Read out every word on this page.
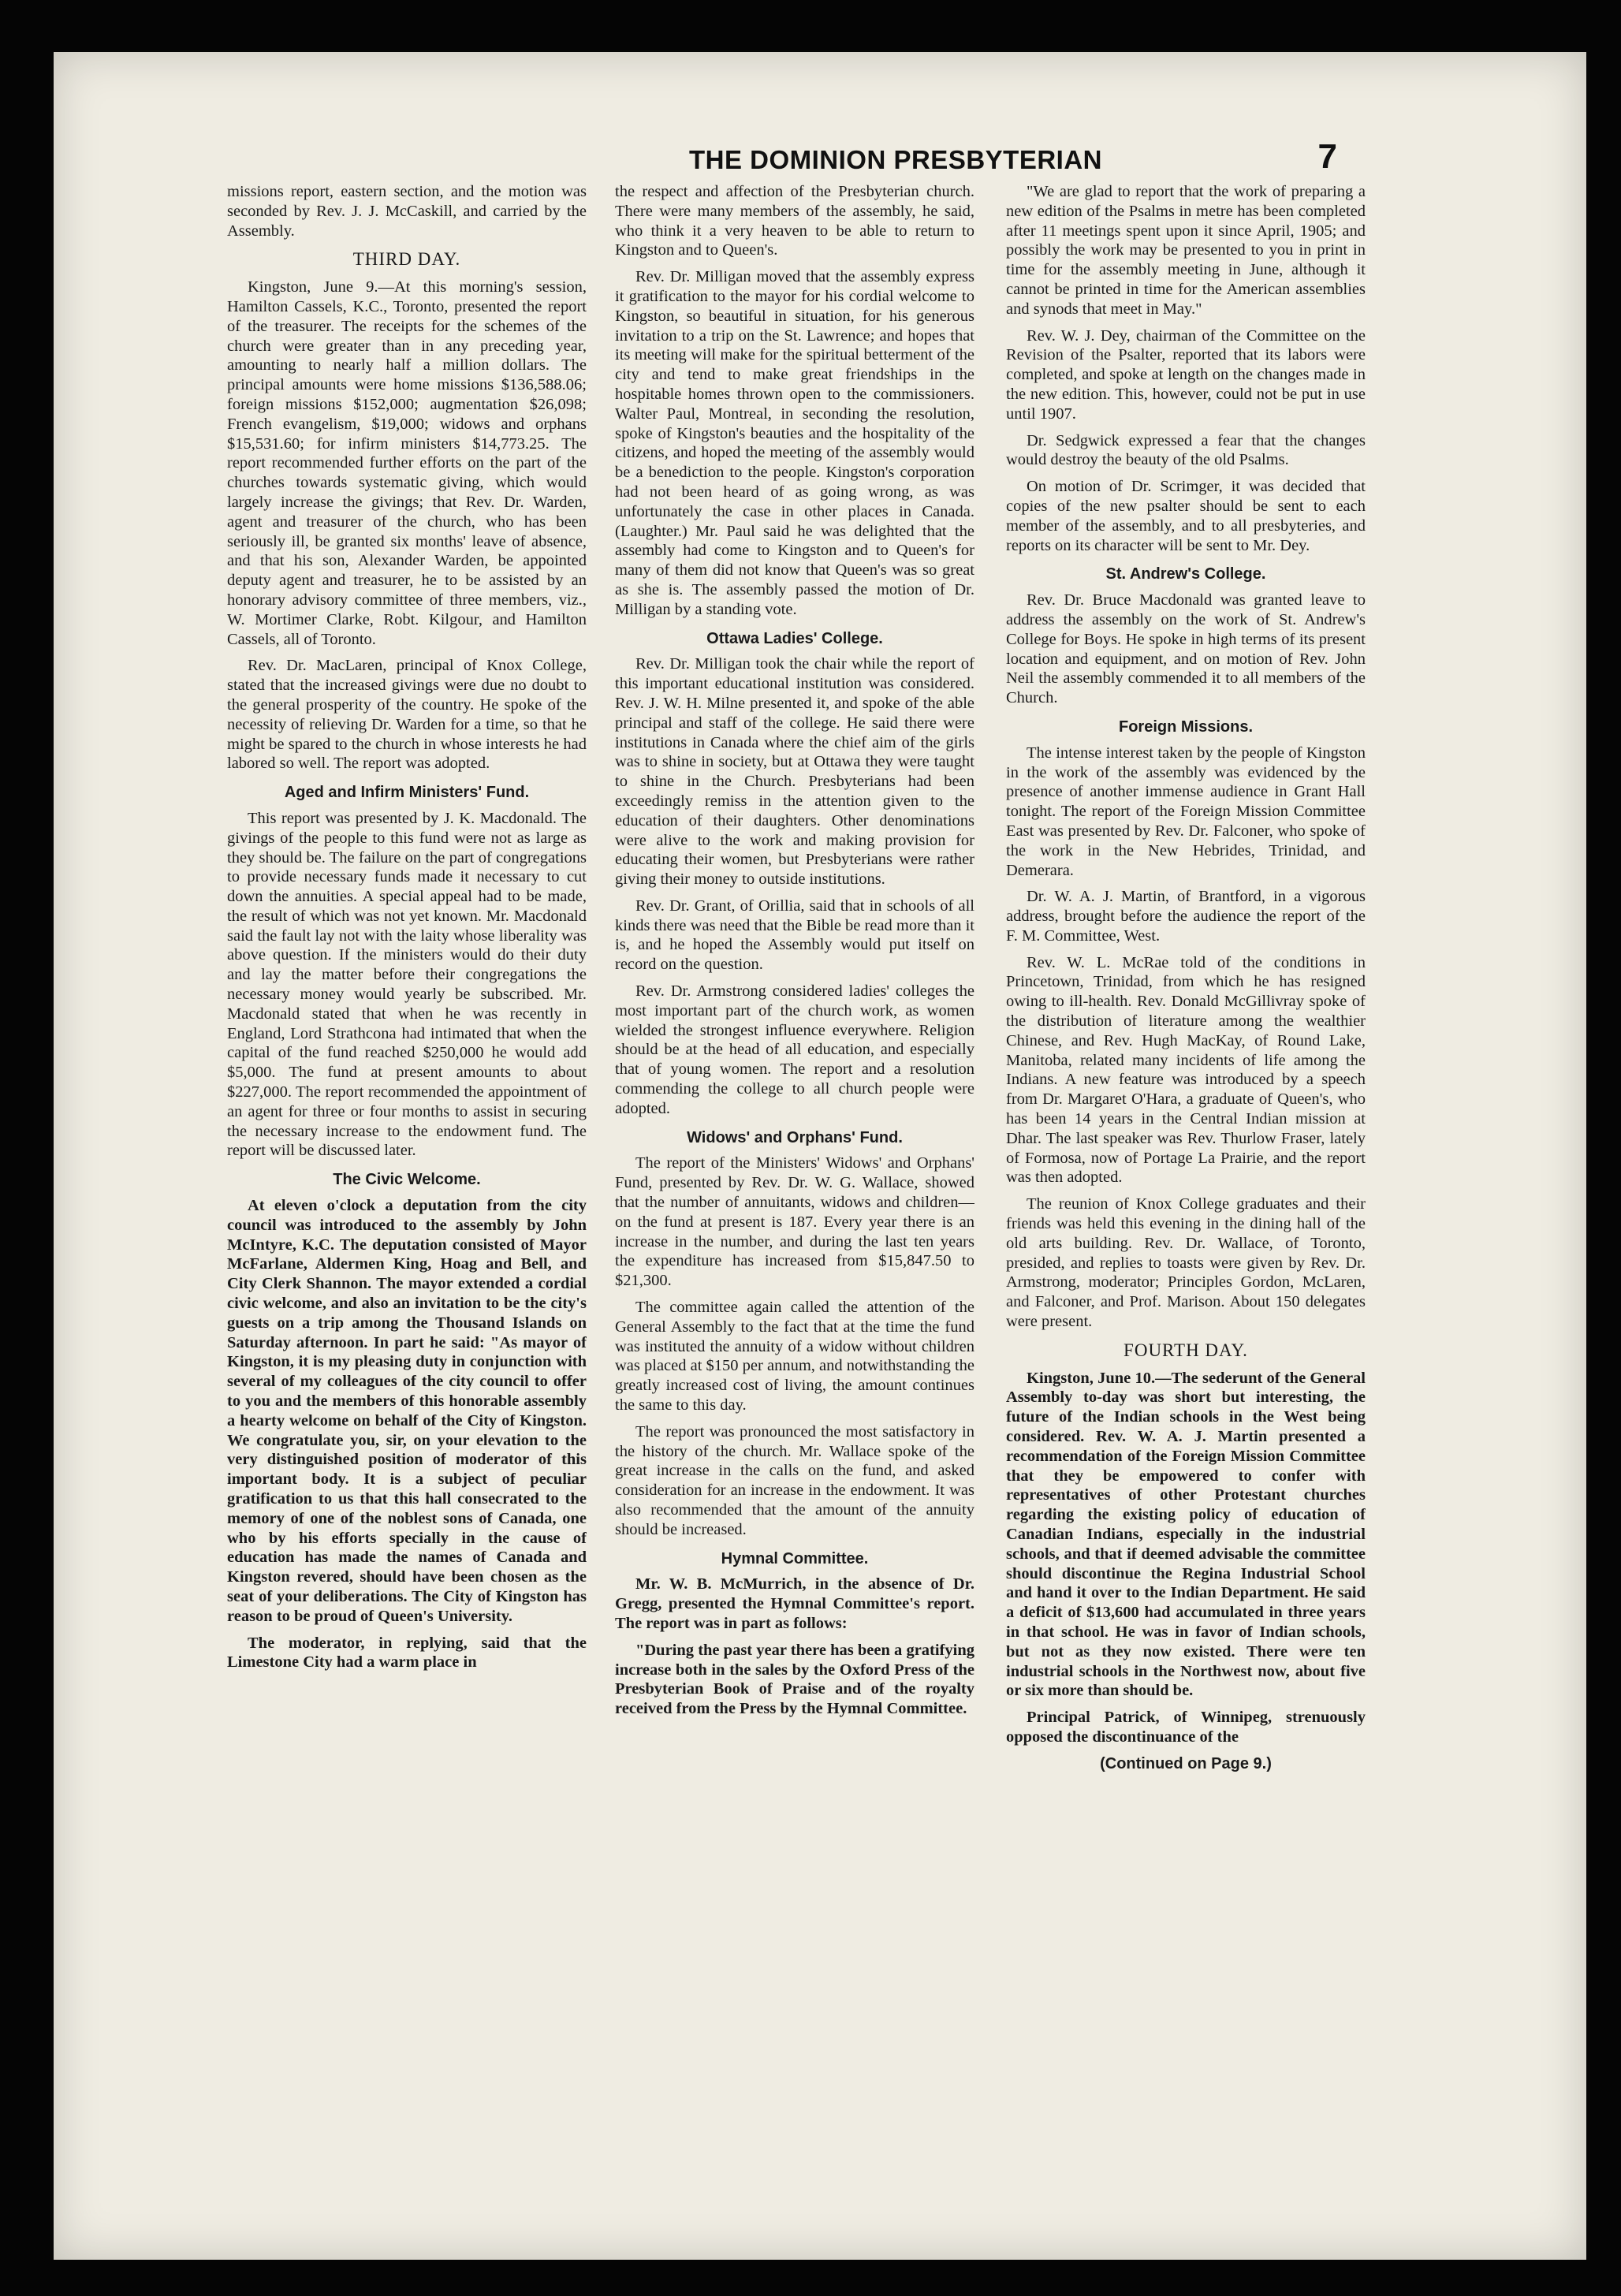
THE DOMINION PRESBYTERIAN	7

missions report, eastern section, and the motion was seconded by Rev. J. J. McCaskill, and carried by the Assembly.

THIRD DAY.

Kingston, June 9.—At this morning's session, Hamilton Cassels, K.C., Toronto, presented the report of the treasurer. The receipts for the schemes of the church were greater than in any preceding year, amounting to nearly half a million dollars. The principal amounts were home missions $136,588.06; foreign missions $152,000; augmentation $26,098; French evangelism, $19,000; widows and orphans $15,531.60; for infirm ministers $14,773.25. The report recommended further efforts on the part of the churches towards systematic giving, which would largely increase the givings; that Rev. Dr. Warden, agent and treasurer of the church, who has been seriously ill, be granted six months' leave of absence, and that his son, Alexander Warden, be appointed deputy agent and treasurer, he to be assisted by an honorary advisory committee of three members, viz., W. Mortimer Clarke, Robt. Kilgour, and Hamilton Cassels, all of Toronto.

Rev. Dr. MacLaren, principal of Knox College, stated that the increased givings were due no doubt to the general prosperity of the country. He spoke of the necessity of relieving Dr. Warden for a time, so that he might be spared to the church in whose interests he had labored so well. The report was adopted.

Aged and Infirm Ministers' Fund.

This report was presented by J. K. Macdonald. The givings of the people to this fund were not as large as they should be. The failure on the part of congregations to provide necessary funds made it necessary to cut down the annuities. A special appeal had to be made, the result of which was not yet known. Mr. Macdonald said the fault lay not with the laity whose liberality was above question. If the ministers would do their duty and lay the matter before their congregations the necessary money would yearly be subscribed. Mr. Macdonald stated that when he was recently in England, Lord Strathcona had intimated that when the capital of the fund reached $250,000 he would add $5,000. The fund at present amounts to about $227,000. The report recommended the appointment of an agent for three or four months to assist in securing the necessary increase to the endowment fund. The report will be discussed later.

The Civic Welcome.

At eleven o'clock a deputation from the city council was introduced to the assembly by John McIntyre, K.C. The deputation consisted of Mayor McFarlane, Aldermen King, Hoag and Bell, and City Clerk Shannon. The mayor extended a cordial civic welcome, and also an invitation to be the city's guests on a trip among the Thousand Islands on Saturday afternoon. In part he said: "As mayor of Kingston, it is my pleasing duty in conjunction with several of my colleagues of the city council to offer to you and the members of this honorable assembly a hearty welcome on behalf of the City of Kingston. We congratulate you, sir, on your elevation to the very distinguished position of moderator of this important body. It is a subject of peculiar gratification to us that this hall consecrated to the memory of one of the noblest sons of Canada, one who by his efforts specially in the cause of education has made the names of Canada and Kingston revered, should have been chosen as the seat of your deliberations. The City of Kingston has reason to be proud of Queen's University.

The moderator, in replying, said that the Limestone City had a warm place in

the respect and affection of the Presbyterian church. There were many members of the assembly, he said, who think it a very heaven to be able to return to Kingston and to Queen's.

Rev. Dr. Milligan moved that the assembly express it gratification to the mayor for his cordial welcome to Kingston, so beautiful in situation, for his generous invitation to a trip on the St. Lawrence; and hopes that its meeting will make for the spiritual betterment of the city and tend to make great friendships in the hospitable homes thrown open to the commissioners. Walter Paul, Montreal, in seconding the resolution, spoke of Kingston's beauties and the hospitality of the citizens, and hoped the meeting of the assembly would be a benediction to the people. Kingston's corporation had not been heard of as going wrong, as was unfortunately the case in other places in Canada. (Laughter.) Mr. Paul said he was delighted that the assembly had come to Kingston and to Queen's for many of them did not know that Queen's was so great as she is. The assembly passed the motion of Dr. Milligan by a standing vote.

Ottawa Ladies' College.

Rev. Dr. Milligan took the chair while the report of this important educational institution was considered. Rev. J. W. H. Milne presented it, and spoke of the able principal and staff of the college. He said there were institutions in Canada where the chief aim of the girls was to shine in society, but at Ottawa they were taught to shine in the Church. Presbyterians had been exceedingly remiss in the attention given to the education of their daughters. Other denominations were alive to the work and making provision for educating their women, but Presbyterians were rather giving their money to outside institutions.

Rev. Dr. Grant, of Orillia, said that in schools of all kinds there was need that the Bible be read more than it is, and he hoped the Assembly would put itself on record on the question.

Rev. Dr. Armstrong considered ladies' colleges the most important part of the church work, as women wielded the strongest influence everywhere. Religion should be at the head of all education, and especially that of young women. The report and a resolution commending the college to all church people were adopted.

Widows' and Orphans' Fund.

The report of the Ministers' Widows' and Orphans' Fund, presented by Rev. Dr. W. G. Wallace, showed that the number of annuitants, widows and children—on the fund at present is 187. Every year there is an increase in the number, and during the last ten years the expenditure has increased from $15,847.50 to $21,300.

The committee again called the attention of the General Assembly to the fact that at the time the fund was instituted the annuity of a widow without children was placed at $150 per annum, and notwithstanding the greatly increased cost of living, the amount continues the same to this day.

The report was pronounced the most satisfactory in the history of the church. Mr. Wallace spoke of the great increase in the calls on the fund, and asked consideration for an increase in the endowment. It was also recommended that the amount of the annuity should be increased.

Hymnal Committee.

Mr. W. B. McMurrich, in the absence of Dr. Gregg, presented the Hymnal Committee's report. The report was in part as follows:

"During the past year there has been a gratifying increase both in the sales by the Oxford Press of the Presbyterian Book of Praise and of the royalty received from the Press by the Hymnal Committee.

"We are glad to report that the work of preparing a new edition of the Psalms in metre has been completed after 11 meetings spent upon it since April, 1905; and possibly the work may be presented to you in print in time for the assembly meeting in June, although it cannot be printed in time for the American assemblies and synods that meet in May."

Rev. W. J. Dey, chairman of the Committee on the Revision of the Psalter, reported that its labors were completed, and spoke at length on the changes made in the new edition. This, however, could not be put in use until 1907.

Dr. Sedgwick expressed a fear that the changes would destroy the beauty of the old Psalms.

On motion of Dr. Scrimger, it was decided that copies of the new psalter should be sent to each member of the assembly, and to all presbyteries, and reports on its character will be sent to Mr. Dey.

St. Andrew's College.

Rev. Dr. Bruce Macdonald was granted leave to address the assembly on the work of St. Andrew's College for Boys. He spoke in high terms of its present location and equipment, and on motion of Rev. John Neil the assembly commended it to all members of the Church.

Foreign Missions.

The intense interest taken by the people of Kingston in the work of the assembly was evidenced by the presence of another immense audience in Grant Hall tonight. The report of the Foreign Mission Committee East was presented by Rev. Dr. Falconer, who spoke of the work in the New Hebrides, Trinidad, and Demerara.

Dr. W. A. J. Martin, of Brantford, in a vigorous address, brought before the audience the report of the F. M. Committee, West.

Rev. W. L. McRae told of the conditions in Princetown, Trinidad, from which he has resigned owing to ill-health. Rev. Donald McGillivray spoke of the distribution of literature among the wealthier Chinese, and Rev. Hugh MacKay, of Round Lake, Manitoba, related many incidents of life among the Indians. A new feature was introduced by a speech from Dr. Margaret O'Hara, a graduate of Queen's, who has been 14 years in the Central Indian mission at Dhar. The last speaker was Rev. Thurlow Fraser, lately of Formosa, now of Portage La Prairie, and the report was then adopted.

The reunion of Knox College graduates and their friends was held this evening in the dining hall of the old arts building. Rev. Dr. Wallace, of Toronto, presided, and replies to toasts were given by Rev. Dr. Armstrong, moderator; Principles Gordon, McLaren, and Falconer, and Prof. Marison. About 150 delegates were present.

FOURTH DAY.

Kingston, June 10.—The sederunt of the General Assembly to-day was short but interesting, the future of the Indian schools in the West being considered. Rev. W. A. J. Martin presented a recommendation of the Foreign Mission Committee that they be empowered to confer with representatives of other Protestant churches regarding the existing policy of education of Canadian Indians, especially in the industrial schools, and that if deemed advisable the committee should discontinue the Regina Industrial School and hand it over to the Indian Department. He said a deficit of $13,600 had accumulated in three years in that school. He was in favor of Indian schools, but not as they now existed. There were ten industrial schools in the Northwest now, about five or six more than should be.

Principal Patrick, of Winnipeg, strenuously opposed the discontinuance of the

(Continued on Page 9.)
